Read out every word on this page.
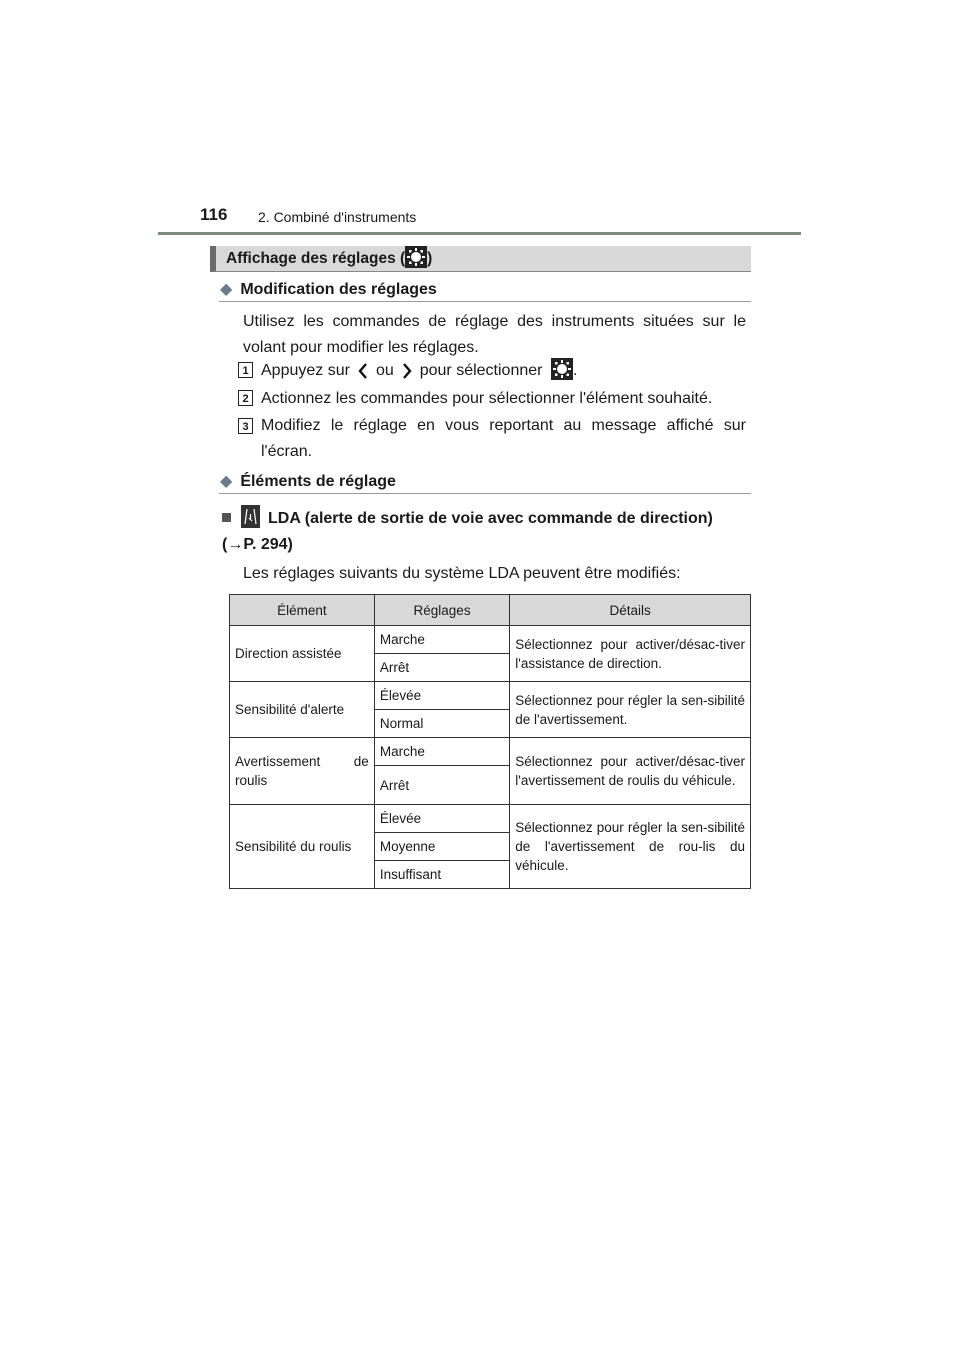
116 2. Combiné d'instruments
Affichage des réglages ( )
◆ Modification des réglages
Utilisez les commandes de réglage des instruments situées sur le volant pour modifier les réglages.
1 Appuyez sur ou pour sélectionner .
2 Actionnez les commandes pour sélectionner l'élément souhaité.
3 Modifiez le réglage en vous reportant au message affiché sur l'écran.
◆ Éléments de réglage
LDA (alerte de sortie de voie avec commande de direction)
(→P. 294)
Les réglages suivants du système LDA peuvent être modifiés:
Élément	Réglages	Détails
Direction assistée	Marche	Sélectionnez pour activer/désac-tiver l'assistance de direction.
	Arrêt	
Sensibilité d'alerte	Élevée	Sélectionnez pour régler la sen-sibilité de l'avertissement.
	Normal	
Avertissement de roulis	Marche	Sélectionnez pour activer/désac-tiver l'avertissement de roulis du véhicule.
	Arrêt	
Sensibilité du roulis	Élevée	Sélectionnez pour régler la sen-sibilité de l'avertissement de rou-lis du véhicule.
	Moyenne	
	Insuffisant	
